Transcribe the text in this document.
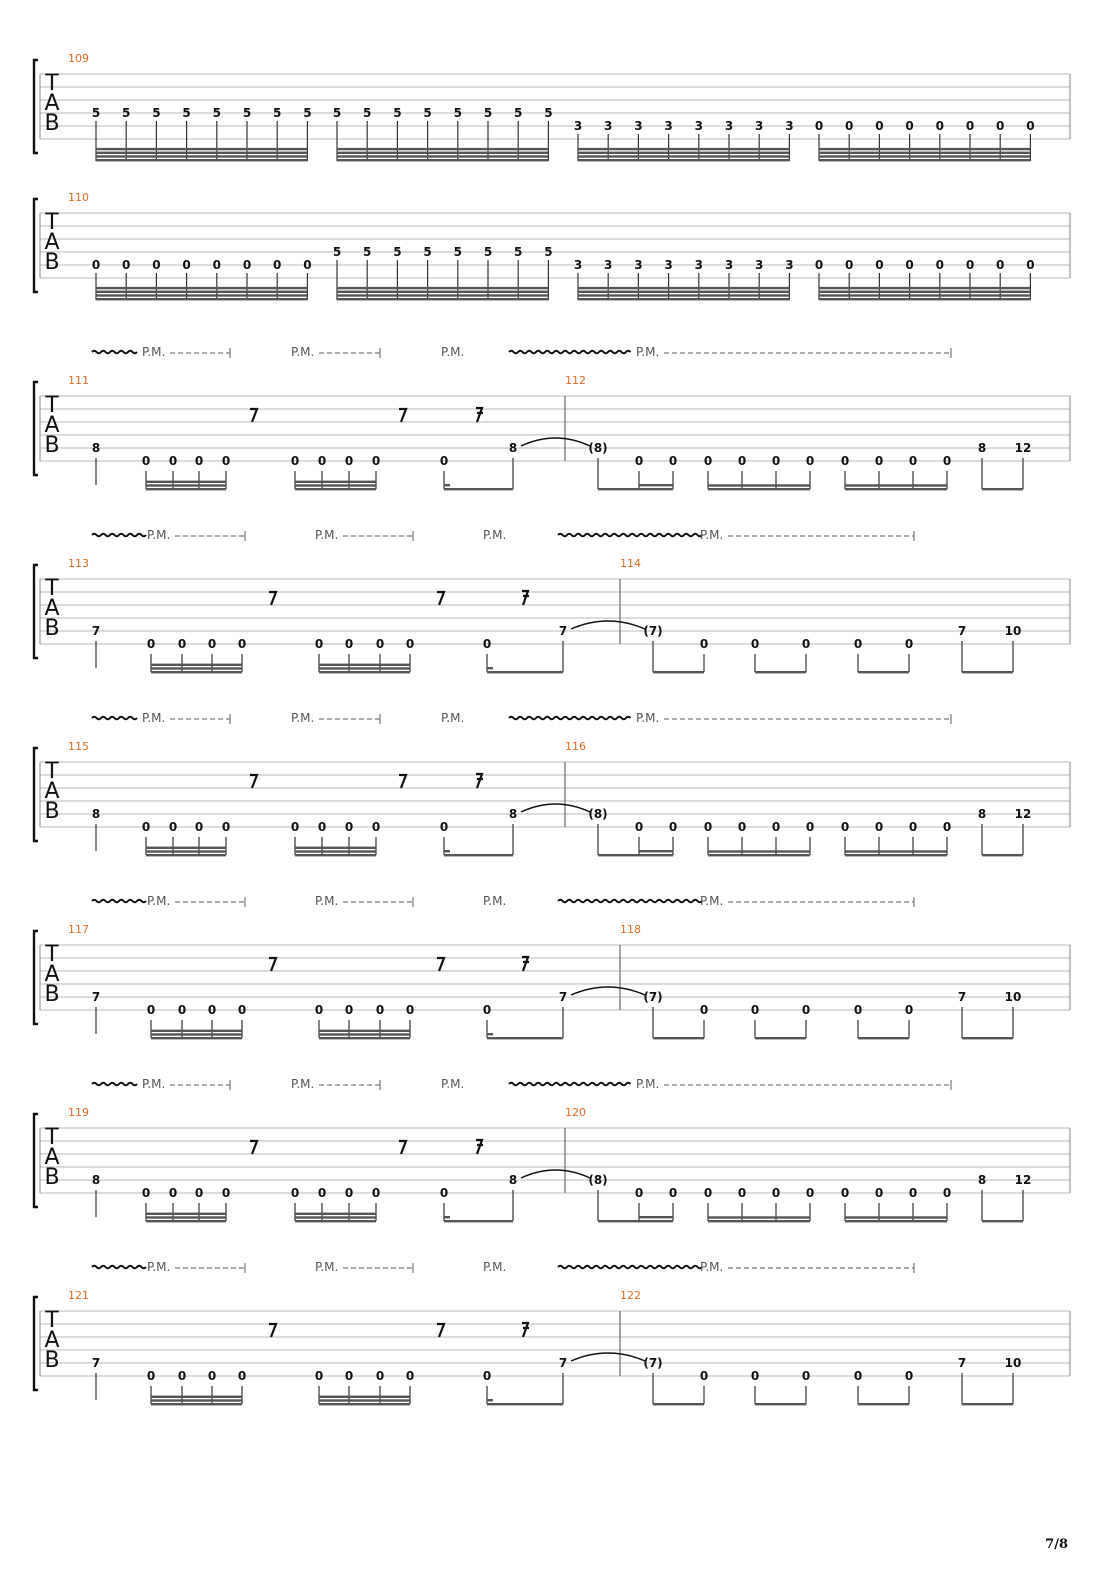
T
A
B
109
5 5 5 5 5 5 5 5 5 5 5 5 5 5 5 5
3 3 3 3 3 3 3 3 0 0 0 0 0 0 0 0
T
A
B
110
0 0 0 0 0 0 0 0
5 5 5 5 5 5 5 5
3 3 3 3 3 3 3 3 0 0 0 0 0 0 0 0
T
A
B
111	112
P.M.	P.M.	P.M.	P.M.
8
0 0 0 0	0 0 0 0	0
8	(8)
0 0 0 0 0 0 0 0 0 0
8 12
T
A
B
113	114
P.M.	P.M.	P.M.	P.M.
7
0 0 0 0	0 0 0 0	0
7	(7)
0	0	0	0	0
7	10
T
A
B
115	116
P.M.	P.M.	P.M.	P.M.
8
0 0 0 0	0 0 0 0	0
8	(8)
0 0 0 0 0 0 0 0 0 0
8 12
T
A
B
117	118
P.M.	P.M.	P.M.	P.M.
7
0 0 0 0	0 0 0 0	0
7	(7)
0	0	0	0	0
7	10
T
A
B
119	120
P.M.	P.M.	P.M.	P.M.
8
0 0 0 0	0 0 0 0	0
8	(8)
0 0 0 0 0 0 0 0 0 0
8 12
T
A
B
121	122
P.M.	P.M.	P.M.	P.M.
7
0 0 0 0	0 0 0 0	0
7	(7)
0	0	0	0	0
7	10
7/8
